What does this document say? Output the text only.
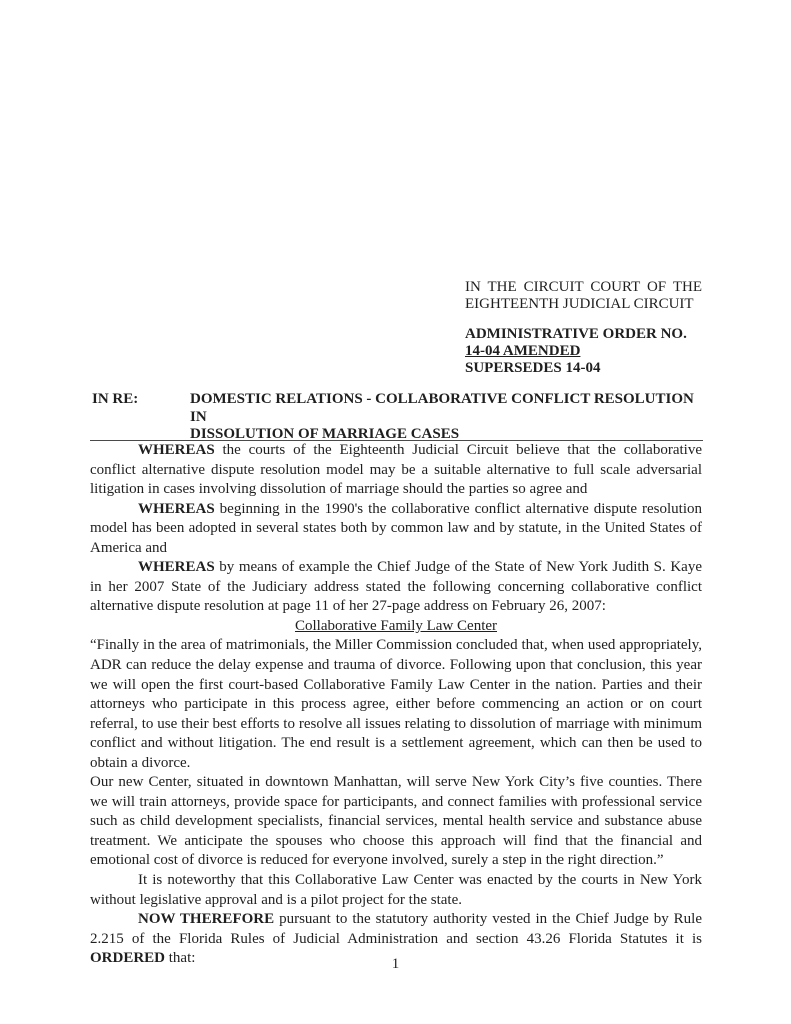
IN THE CIRCUIT COURT OF THE
EIGHTEENTH JUDICIAL CIRCUIT
ADMINISTRATIVE ORDER NO.
14-04 AMENDED
SUPERSEDES 14-04
IN RE:	DOMESTIC RELATIONS - COLLABORATIVE CONFLICT RESOLUTION IN
DISSOLUTION OF MARRIAGE CASES

WHEREAS the courts of the Eighteenth Judicial Circuit believe that the collaborative conflict alternative dispute resolution model may be a suitable alternative to full scale adversarial litigation in cases involving dissolution of marriage should the parties so agree and

WHEREAS beginning in the 1990's the collaborative conflict alternative dispute resolution model has been adopted in several states both by common law and by statute, in the United States of America and

WHEREAS by means of example the Chief Judge of the State of New York Judith S. Kaye in her 2007 State of the Judiciary address stated the following concerning collaborative conflict alternative dispute resolution at page 11 of her 27-page address on February 26, 2007:

Collaborative Family Law Center

“Finally in the area of matrimonials, the Miller Commission concluded that, when used appropriately, ADR can reduce the delay expense and trauma of divorce. Following upon that conclusion, this year we will open the first court-based Collaborative Family Law Center in the nation. Parties and their attorneys who participate in this process agree, either before commencing an action or on court referral, to use their best efforts to resolve all issues relating to dissolution of marriage with minimum conflict and without litigation. The end result is a settlement agreement, which can then be used to obtain a divorce.

Our new Center, situated in downtown Manhattan, will serve New York City’s five counties. There we will train attorneys, provide space for participants, and connect families with professional service such as child development specialists, financial services, mental health service and substance abuse treatment. We anticipate the spouses who choose this approach will find that the financial and emotional cost of divorce is reduced for everyone involved, surely a step in the right direction.”

It is noteworthy that this Collaborative Law Center was enacted by the courts in New York without legislative approval and is a pilot project for the state.

NOW THEREFORE pursuant to the statutory authority vested in the Chief Judge by Rule 2.215 of the Florida Rules of Judicial Administration and section 43.26 Florida Statutes it is ORDERED that:	1
